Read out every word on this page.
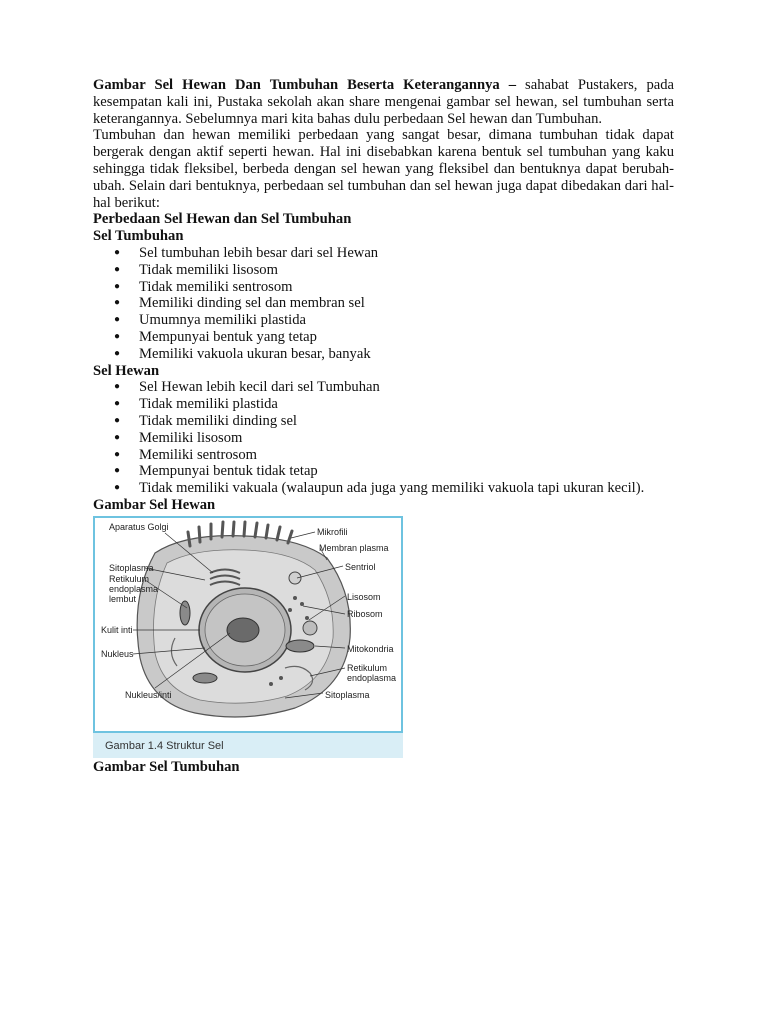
Gambar Sel Hewan Dan Tumbuhan Beserta Keterangannya – sahabat Pustakers, pada kesempatan kali ini, Pustaka sekolah akan share mengenai gambar sel hewan, sel tumbuhan serta keterangannya. Sebelumnya mari kita bahas dulu perbedaan Sel hewan dan Tumbuhan.

Tumbuhan dan hewan memiliki perbedaan yang sangat besar, dimana tumbuhan tidak dapat bergerak dengan aktif seperti hewan. Hal ini disebabkan karena bentuk sel tumbuhan yang kaku sehingga tidak fleksibel, berbeda dengan sel hewan yang fleksibel dan bentuknya dapat berubah-ubah. Selain dari bentuknya, perbedaan sel tumbuhan dan sel hewan juga dapat dibedakan dari hal-hal berikut:

Perbedaan Sel Hewan dan Sel Tumbuhan
Sel Tumbuhan
● Sel tumbuhan lebih besar dari sel Hewan
● Tidak memiliki lisosom
● Tidak memiliki sentrosom
● Memiliki dinding sel dan membran sel
● Umumnya memiliki plastida
● Mempunyai bentuk yang tetap
● Memiliki vakuola ukuran besar, banyak
Sel Hewan
● Sel Hewan lebih kecil dari sel Tumbuhan
● Tidak memiliki plastida
● Tidak memiliki dinding sel
● Memiliki lisosom
● Memiliki sentrosom
● Mempunyai bentuk tidak tetap
● Tidak memiliki vakuala (walaupun ada juga yang memiliki vakuola tapi ukuran kecil).
Gambar Sel Hewan
Aparatus Golgi	Mikrofili
Membran plasma
Sitoplasma
Retikulum
endoplasma
lembut
Sentriol
Lisosom
Ribosom
Kulit inti
Nukleus	Mitokondria
Retikulum
endoplasma
Nukleus/inti	Sitoplasma
Gambar 1.4 Struktur Sel
Gambar Sel Tumbuhan
